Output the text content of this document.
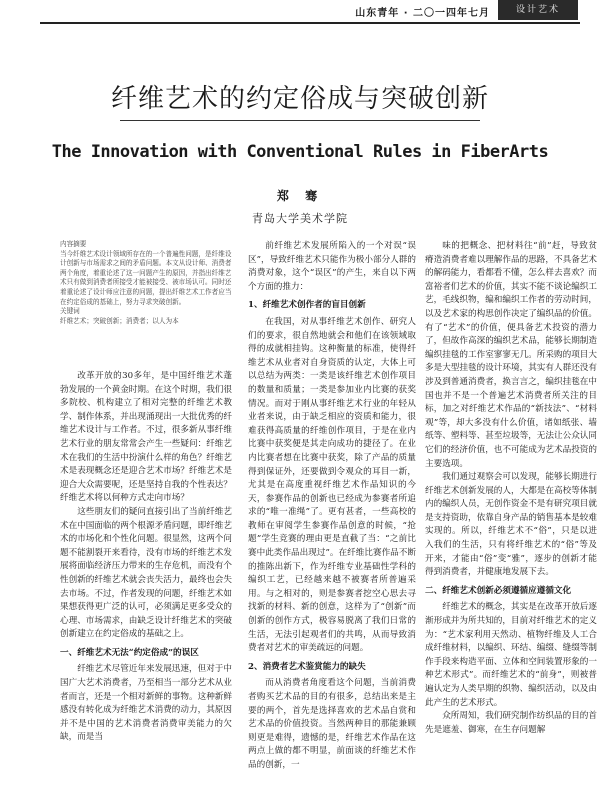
山东青年 · 二〇一四年七月	设计艺术
纤维艺术的约定俗成与突破创新
The Innovation with Conventional Rules in FiberArts
郑 骞
青岛大学美术学院

内容摘要

当今纤维艺术设计领域所存在的一个普遍性问题，是纤维设计创新与市场需求之间的矛盾问题。本文从设计师、消费者两个角度，着重论述了这一问题产生的原因，并指出纤维艺术只有做到消费者所接受才能被接受、被市场认可。同时还着重论述了设计师应注意的问题，提出纤维艺术工作者应当在约定俗成的基础上，努力寻求突破创新。

关键词

纤维艺术；突破创新；消费者；以人为本

改革开放的30多年，是中国纤维艺术蓬勃发展的一个黄金时期。在这个时期，我们很多院校、机构建立了相对完整的纤维艺术教学、制作体系，并出现涌现出一大批优秀的纤维艺术设计与工作者。不过，很多新从事纤维艺术行业的朋友常常会产生一些疑问：纤维艺术在我们的生活中扮演什么样的角色？纤维艺术是表现概念还是迎合艺术市场？纤维艺术是迎合大众需要呢，还是坚持自我的个性表达？纤维艺术将以何种方式走向市场？

这些朋友们的疑问直接引出了当前纤维艺术在中国面临的两个根源矛盾问题，即纤维艺术的市场化和个性化问题。很显然，这两个问题不能割裂开来看待，没有市场的纤维艺术发展将面临经济压力带来的生存危机，而没有个性创新的纤维艺术就会丧失活力，最终也会失去市场。不过，作者发现的问题，纤维艺术如果想获得更广泛的认可，必须满足更多受众的心理、市场需求，由缺乏设计纤维艺术的突破创新建立在约定俗成的基础之上。

一、纤维艺术无法“约定俗成”的误区

纤维艺术尽管近年来发展迅速，但对于中国广大艺术消费者，乃至相当一部分艺术从业者而言，还是一个相对新鲜的事物。这种新鲜感没有转化成为纤维艺术消费的动力，其原因并不是中国的艺术消费者消费审美能力的欠缺，而是当

前纤维艺术发展所陷入的一个对误“误区”，导致纤维艺术只能作为极小部分人群的消费对象，这个“误区”的产生，来自以下两个方面的推力：

1、纤维艺术创作者的盲目创新

在我国，对从事纤维艺术创作、研究人们的要求，很自然地就会和他们在该领域取得的成就相挂钩。这种衡量的标准，使得纤维艺术从业者对自身资质的认定，大体上可以总结为两类：一类是该纤维艺术创作项目的数量和质量；一类是参加业内比赛的获奖情况。而对于刚从事纤维艺术行业的年轻从业者来说，由于缺乏相应的资质和能力，很难获得高质量的纤维创作项目，于是在业内比赛中获奖便是其走向成功的捷径了。在业内比赛者想在比赛中获奖，除了产品的质量得到保证外，还要做到令观众的耳目一新，尤其是在高度重视纤维艺术作品知识的今天，参赛作品的创新也已经成为参赛者所追求的“唯一准绳”了。更有甚者，一些高校的教师在审阅学生参赛作品创意的时候，“抢题”学生竞赛的理由更是直截了当：“之前比赛中此类作品出现过”。在纤维比赛作品不断的推陈出新下，作为纤维专业基础性学科的编织工艺，已经越来越不被赛者所普遍采用。与之相对的，则是参赛者挖空心思去寻找新的材料、新的创意，这样为了“创新”而创新的创作方式，极容易脱离了我们日常的生活，无法引起观者们的共鸣，从而导致消费者对艺术的审美疏远的问题。

2、消费者艺术鉴赏能力的缺失

而从消费者角度看这个问题，当前消费者购买艺术品的目的有很多，总结出来是主要的两个，首先是选择喜欢的艺术品自赏和艺术品的价值投资。当然两种目的那能兼顾则更是难得，遗憾的是，纤维艺术作品在这两点上做的都不明显，前面谈的纤维艺术作品的创新，一

味的把概念、把材料往“前”赶，导致贫瘠造消费者难以理解作品的思路，不具备艺术的解码能力，看都看不懂，怎么样去喜欢？而富裕者们艺术的价值，其实不能不谈论编织工艺，毛线织物，编和编织工作者的劳动时间，以及艺术家的构思创作决定了编织品的价值。有了“艺术”的价值，便具备艺术投资的潜力了，但故作高深的编织艺术品，能够长期制造编织挂毯的工作室寥寥无几。所采购的项目大多是大型挂毯的设计环境，其实有人群还没有涉及到普通消费者，换言言之，编织挂毯在中国也并不是一个普遍艺术消费者所关注的目标，加之对纤维艺术作品的“新技法”、“材料观”等，却大多没有什么价值，诸如纸张、墙纸等、塑料等、甚至垃圾等，无法让公众认同它们的经济价值，也不可能成为艺术品投资的主要选项。

我们通过观察会可以发现，能够长期进行纤维艺术创新发展的人，大都是在高校等体制内的编织人员，无创作资金不是有研究项目就是支持资助，依靠自身产品的销售基本是较难实现的。所以，纤维艺术不“俗”，只是以进入我们的生活，只有将纤维艺术的“俗”等及开来，才能由“俗”变“雅”，逐步的创新才能得到消费者，并健康地发展下去。

二、纤维艺术创新必须遵循应遵循文化

纤维艺术的概念，其实是在改革开放后逐渐形成并为所共知的，目前对纤维艺术的定义为：“艺术家利用天然动、植物纤维及人工合成纤维材料，以编织、环结、编缀、缝缀等制作手段来构造平面、立体和空间装置形象的一种艺术形式”。而纤维艺术的“前身”，则被普遍认定为人类早期的织物、编织活动，以及由此产生的艺术形式。

众所周知，我们研究制作纺织品的目的首先是遮羞、御寒，在生存问题解
